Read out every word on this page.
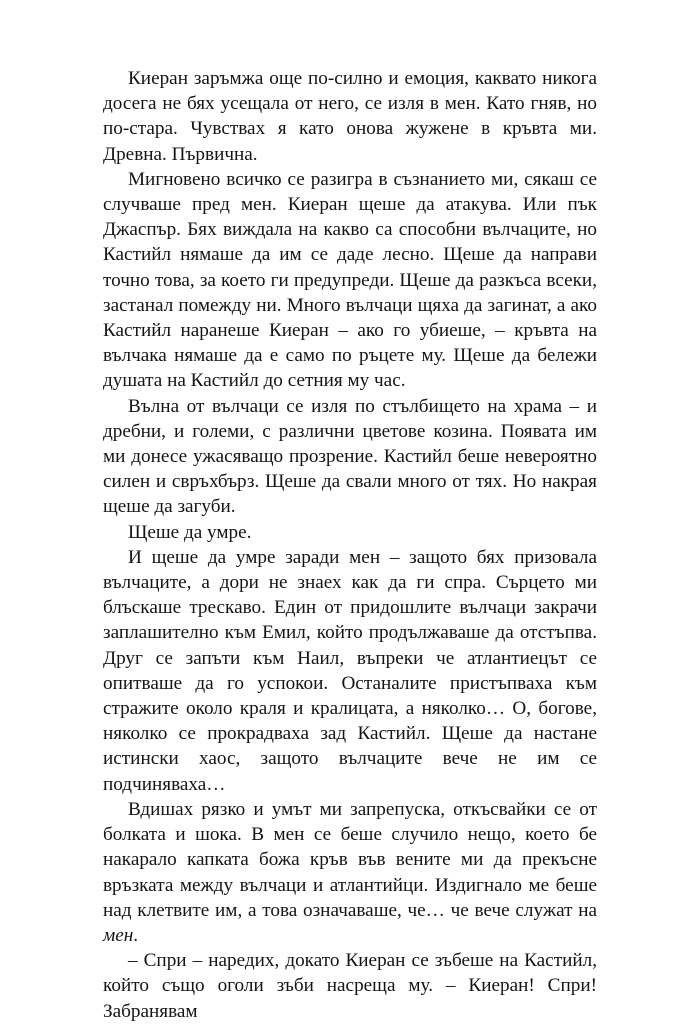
Киеран заръмжа още по-силно и емоция, каквато никога досега не бях усещала от него, се изля в мен. Като гняв, но по-стара. Чувствах я като онова жужене в кръвта ми. Древна. Първична.

Мигновено всичко се разигра в съзнанието ми, сякаш се случваше пред мен. Киеран щеше да атакува. Или пък Джаспър. Бях виждала на какво са способни вълчаците, но Кастийл нямаше да им се даде лесно. Щеше да направи точно това, за което ги предупреди. Щеше да разкъса всеки, застанал помежду ни. Много вълчаци щяха да загинат, а ако Кастийл наранеше Киеран – ако го убиеше, – кръвта на вълчака нямаше да е само по ръцете му. Щеше да бележи душата на Кастийл до сетния му час.

Вълна от вълчаци се изля по стълбището на храма – и дребни, и големи, с различни цветове козина. Появата им ми донесе ужасяващо прозрение. Кастийл беше невероятно силен и свръхбърз. Щеше да свали много от тях. Но накрая щеше да загуби.

Щеше да умре.

И щеше да умре заради мен – защото бях призовала вълчаците, а дори не знаех как да ги спра. Сърцето ми блъскаше трескаво. Един от придошлите вълчаци закрачи заплашително към Емил, който продължаваше да отстъпва. Друг се запъти към Наил, въпреки че атлантиецът се опитваше да го успокои. Останалите пристъпваха към стражите около краля и кралицата, а няколко… О, богове, няколко се прокрадваха зад Кастийл. Щеше да настане истински хаос, защото вълчаците вече не им се подчиняваха…

Вдишах рязко и умът ми запрепуска, откъсвайки се от болката и шока. В мен се беше случило нещо, което бе накарало капката божа кръв във вените ми да прекъсне връзката между вълчаци и атлантийци. Издигнало ме беше над клетвите им, а това означаваше, че… че вече служат на мен.

– Спри – наредих, докато Киеран се зъбеше на Кастийл, който също оголи зъби насреща му. – Киеран! Спри! Забранявам
